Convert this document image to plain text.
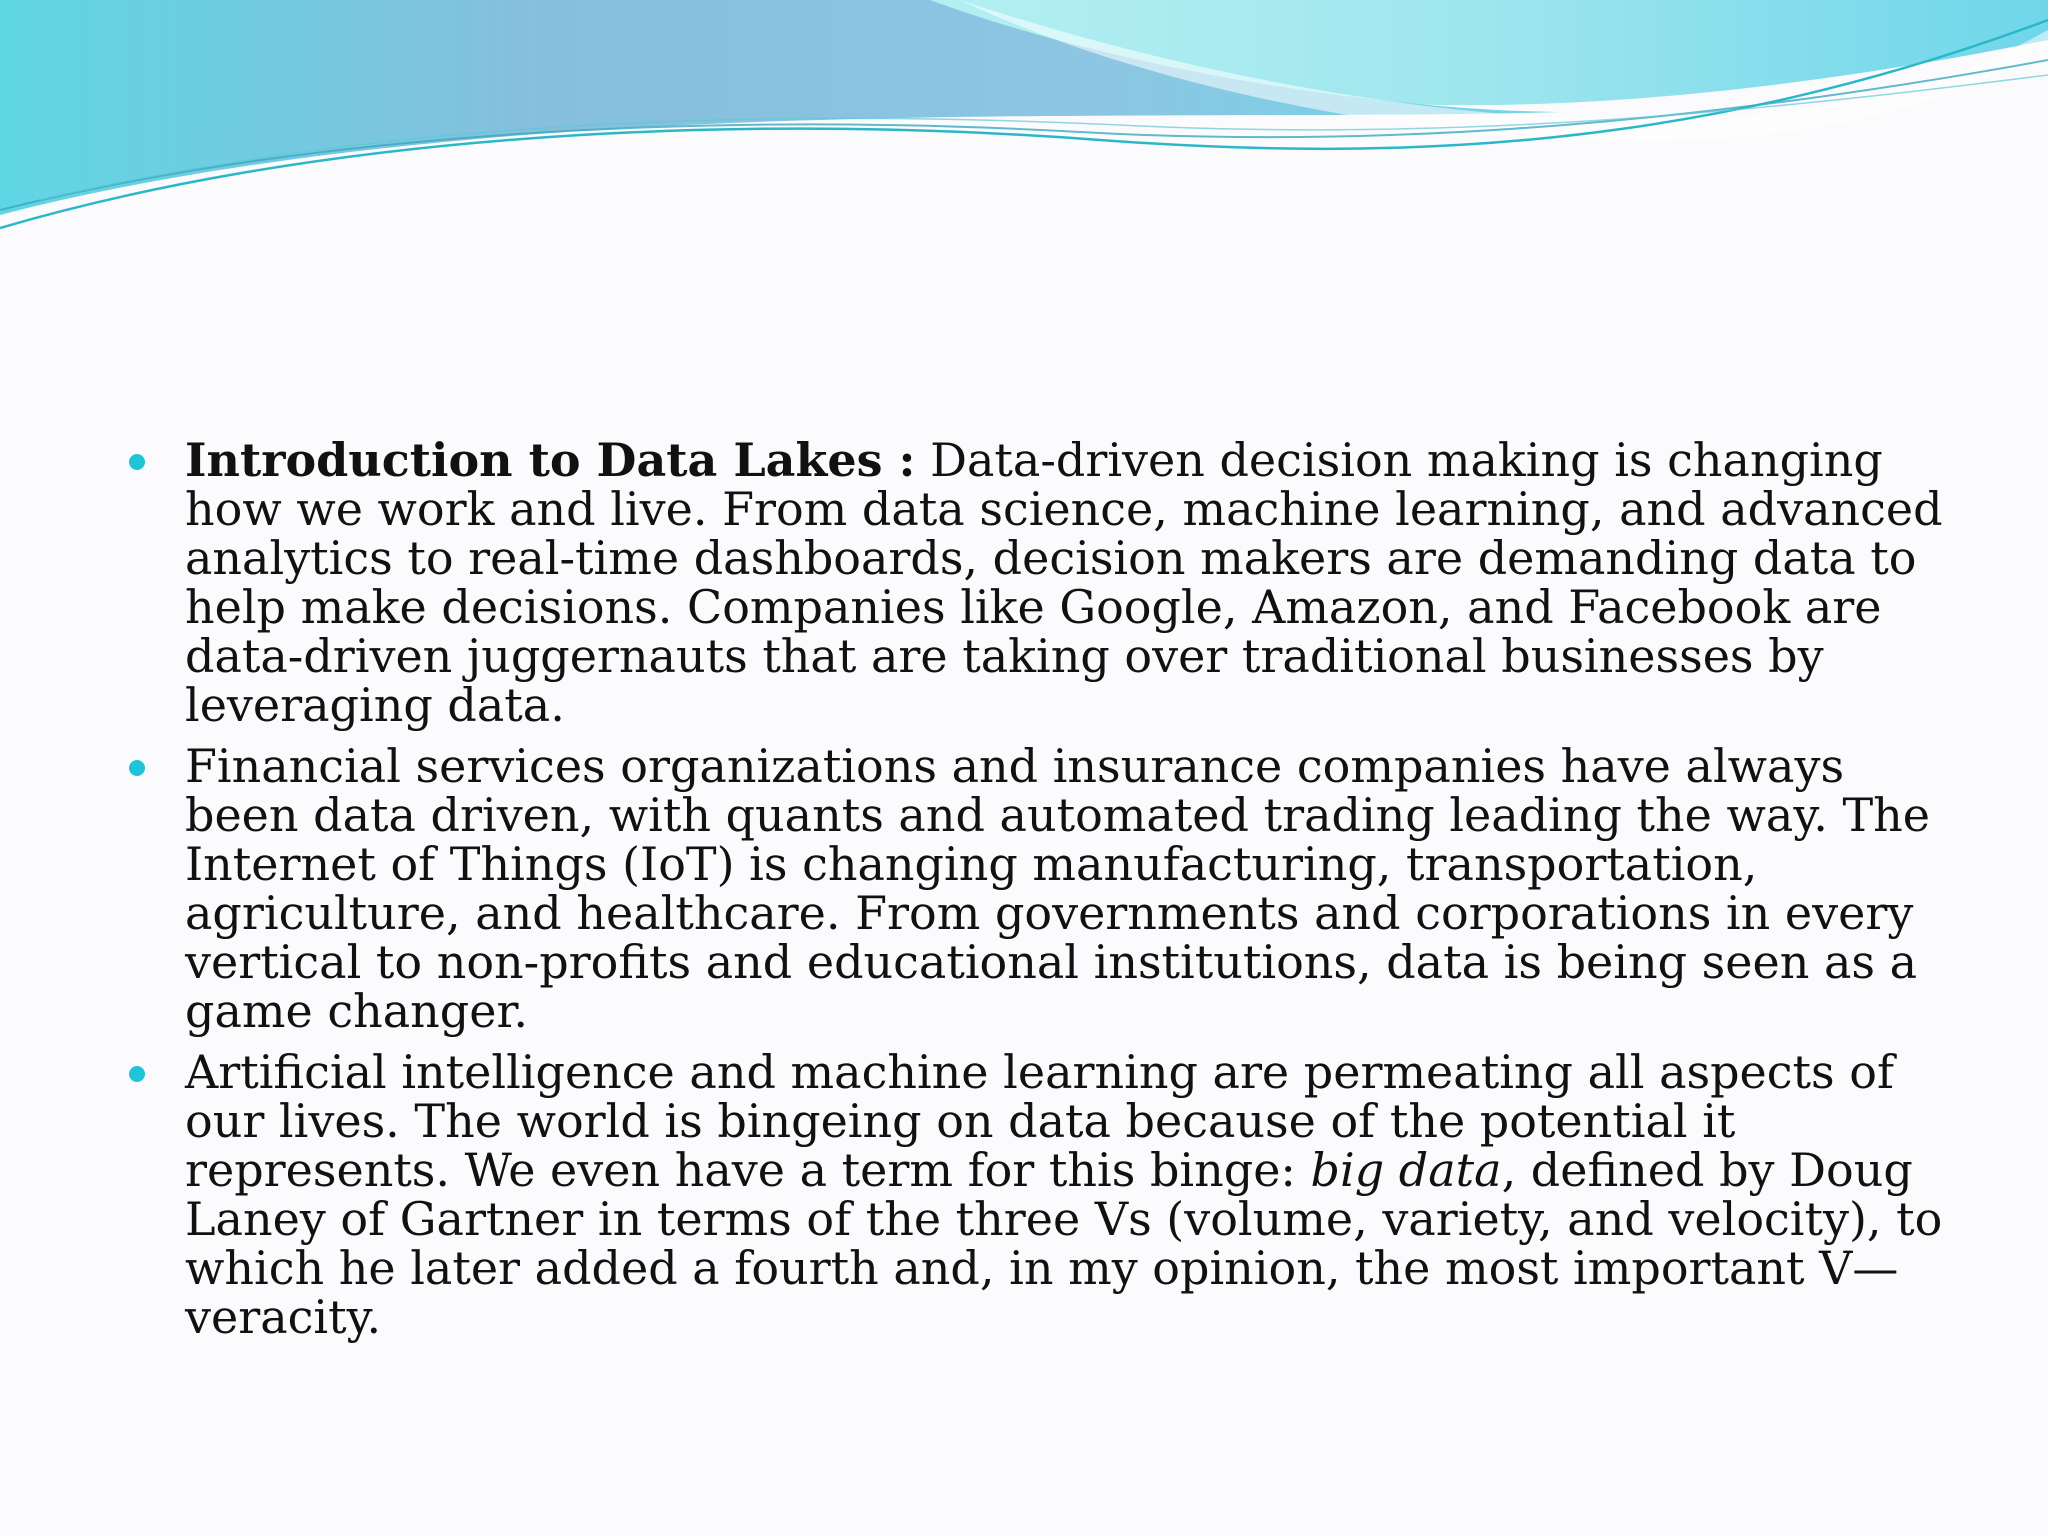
Introduction to Data Lakes : Data-driven decision making is changing how we work and live. From data science, machine learning, and advanced analytics to real-time dashboards, decision makers are demanding data to help make decisions. Companies like Google, Amazon, and Facebook are data-driven juggernauts that are taking over traditional businesses by leveraging data.
Financial services organizations and insurance companies have always been data driven, with quants and automated trading leading the way. The Internet of Things (IoT) is changing manufacturing, transportation, agriculture, and healthcare. From governments and corporations in every vertical to non-profits and educational institutions, data is being seen as a game changer.
Artificial intelligence and machine learning are permeating all aspects of our lives. The world is bingeing on data because of the potential it represents. We even have a term for this binge: big data, defined by Doug Laney of Gartner in terms of the three Vs (volume, variety, and velocity), to which he later added a fourth and, in my opinion, the most important V—veracity.
